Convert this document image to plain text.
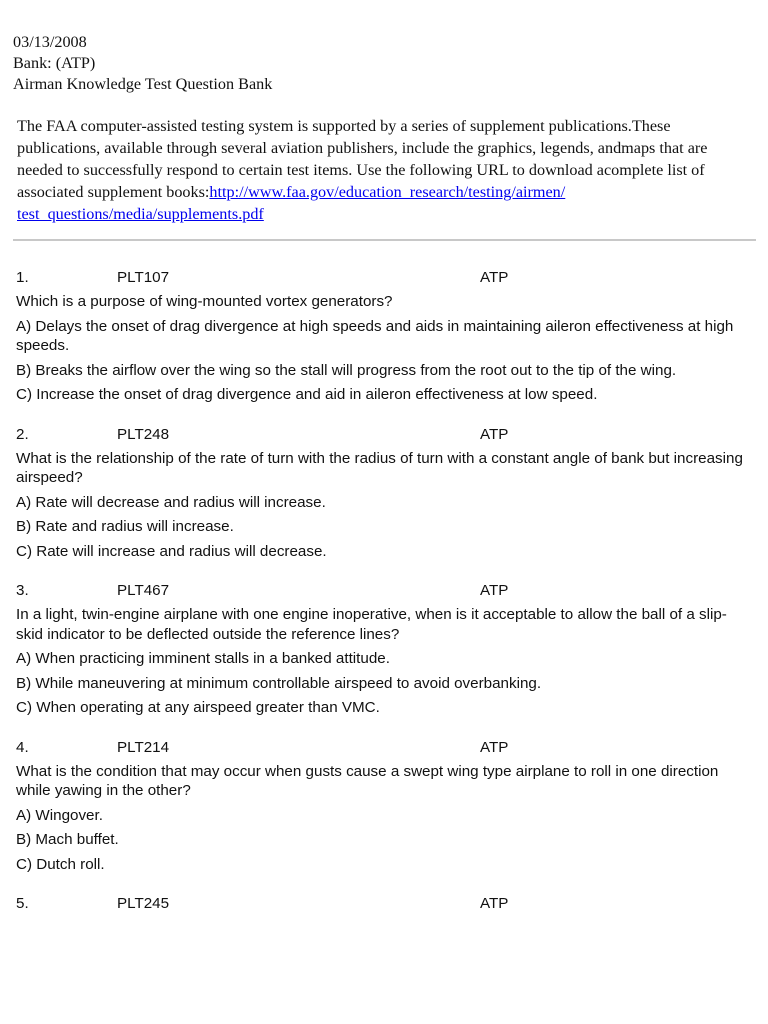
03/13/2008

Bank: (ATP)

Airman Knowledge Test Question Bank

The FAA computer-assisted testing system is supported by a series of supplement publications.These publications, available through several aviation publishers, include the graphics, legends, andmaps that are needed to successfully respond to certain test items. Use the following URL to download acomplete list of associated supplement books:http://www.faa.gov/education_research/testing/airmen/
test_questions/media/supplements.pdf

1.	PLT107	ATP

Which is a purpose of wing-mounted vortex generators?

A) Delays the onset of drag divergence at high speeds and aids in maintaining aileron effectiveness at high speeds.

B) Breaks the airflow over the wing so the stall will progress from the root out to the tip of the wing.

C) Increase the onset of drag divergence and aid in aileron effectiveness at low speed.

2.	PLT248	ATP

What is the relationship of the rate of turn with the radius of turn with a constant angle of bank but increasing airspeed?

A) Rate will decrease and radius will increase.

B) Rate and radius will increase.

C) Rate will increase and radius will decrease.

3.	PLT467	ATP

In a light, twin-engine airplane with one engine inoperative, when is it acceptable to allow the ball of a slip-skid indicator to be deflected outside the reference lines?

A) When practicing imminent stalls in a banked attitude.

B) While maneuvering at minimum controllable airspeed to avoid overbanking.

C) When operating at any airspeed greater than VMC.

4.	PLT214	ATP

What is the condition that may occur when gusts cause a swept wing type airplane to roll in one direction while yawing in the other?

A) Wingover.

B) Mach buffet.

C) Dutch roll.

5.	PLT245	ATP
